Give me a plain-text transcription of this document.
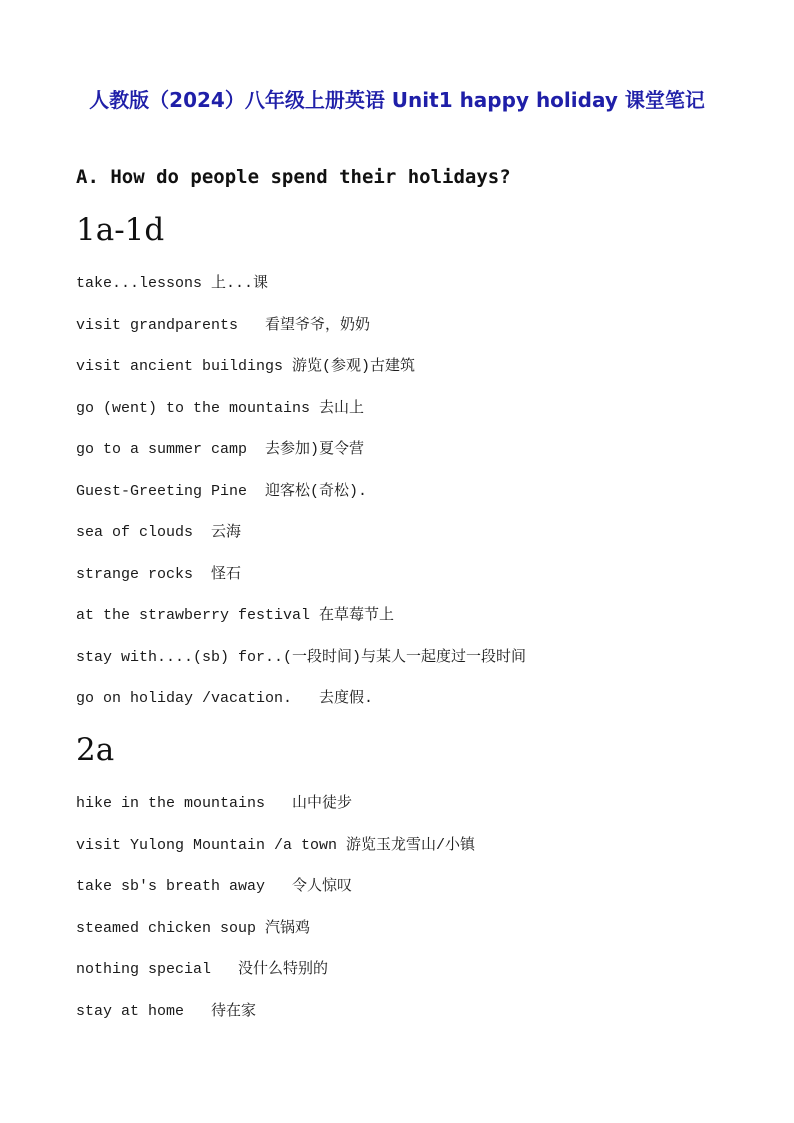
人教版（2024）八年级上册英语 Unit1 happy holiday 课堂笔记
A. How do people spend their holidays?
1a-1d
take...lessons 上...课
visit grandparents   看望爷爷，奶奶
visit ancient buildings 游览(参观)古建筑
go (went) to the mountains 去山上
go to a summer camp  去参加)夏令营
Guest-Greeting Pine  迎客松(奇松).
sea of clouds  云海
strange rocks  怪石
at the strawberry festival 在草莓节上
stay with....(sb) for..(一段时间)与某人一起度过一段时间
go on holiday /vacation.   去度假.
2a
hike in the mountains   山中徒步
visit Yulong Mountain /a town 游览玉龙雪山/小镇
take sb's breath away   令人惊叹
steamed chicken soup 汽锅鸡
nothing special   没什么特别的
stay at home   待在家
